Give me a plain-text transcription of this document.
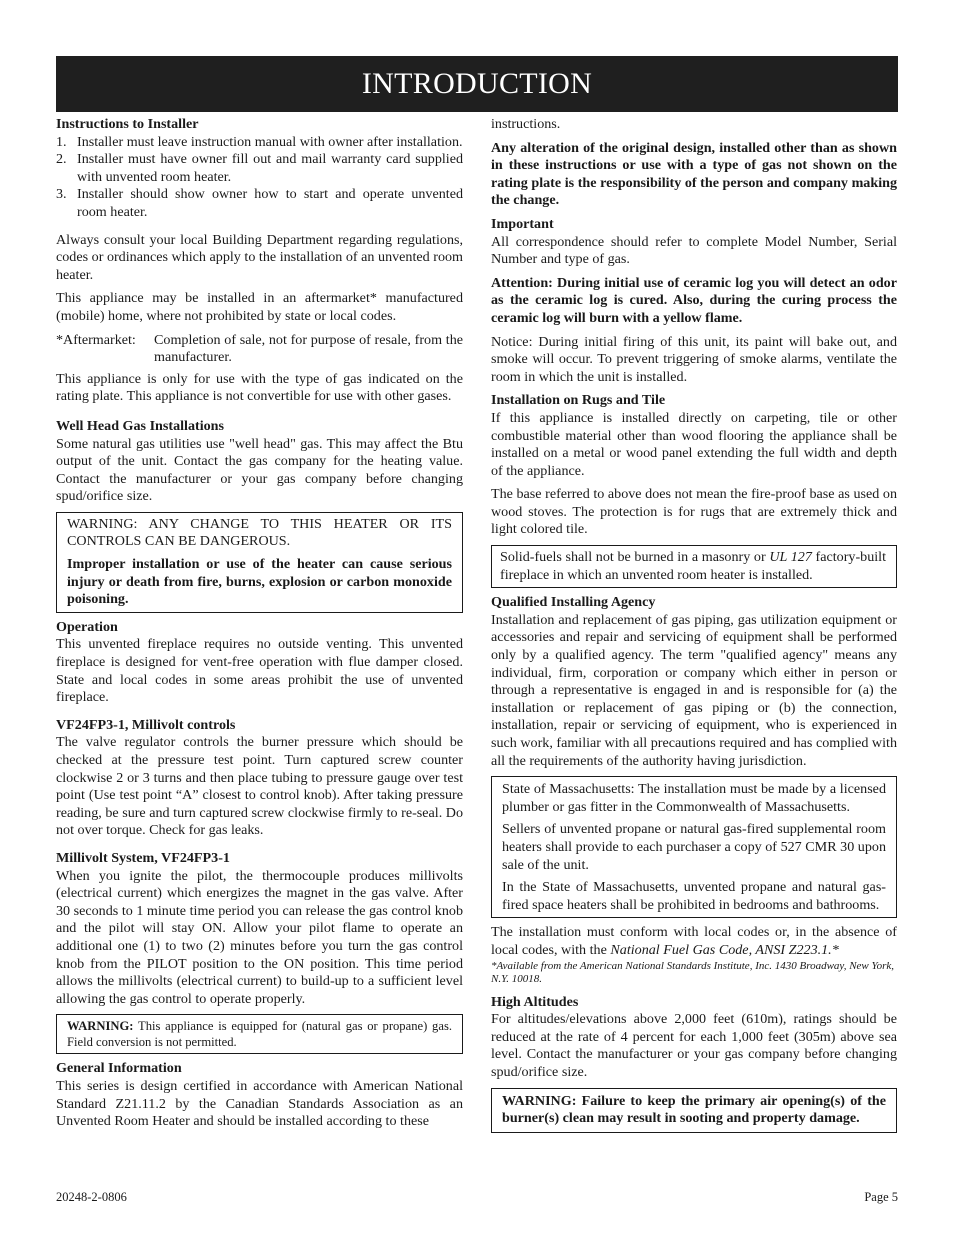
INTRODUCTION

Instructions to Installer

1. Installer must leave instruction manual with owner after installation.
2. Installer must have owner fill out and mail warranty card supplied with unvented room heater.
3. Installer should show owner how to start and operate unvented room heater.

Always consult your local Building Department regarding regulations, codes or ordinances which apply to the installation of an unvented room heater.

This appliance may be installed in an aftermarket* manufactured (mobile) home, where not prohibited by state or local codes.

*Aftermarket:	Completion of sale, not for purpose of resale, from the manufacturer.

This appliance is only for use with the type of gas indicated on the rating plate. This appliance is not convertible for use with other gases.

Well Head Gas Installations

Some natural gas utilities use "well head" gas. This may affect the Btu output of the unit. Contact the gas company for the heating value. Contact the manufacturer or your gas company before changing spud/orifice size.

WARNING: ANY CHANGE TO THIS HEATER OR ITS CONTROLS CAN BE DANGEROUS.

Improper installation or use of the heater can cause serious injury or death from fire, burns, explosion or carbon monoxide poisoning.

Operation

This unvented fireplace requires no outside venting. This unvented fireplace is designed for vent-free operation with flue damper closed. State and local codes in some areas prohibit the use of unvented fireplace.

VF24FP3-1, Millivolt controls

The valve regulator controls the burner pressure which should be checked at the pressure test point. Turn captured screw counter clockwise 2 or 3 turns and then place tubing to pressure gauge over test point (Use test point “A” closest to control knob). After taking pressure reading, be sure and turn captured screw clockwise firmly to re-seal. Do not over torque. Check for gas leaks.

Millivolt System, VF24FP3-1

When you ignite the pilot, the thermocouple produces millivolts (electrical current) which energizes the magnet in the gas valve. After 30 seconds to 1 minute time period you can release the gas control knob and the pilot will stay ON. Allow your pilot flame to operate an additional one (1) to two (2) minutes before you turn the gas control knob from the PILOT position to the ON position. This time period allows the millivolts (electrical current) to build-up to a sufficient level allowing the gas control to operate properly.

WARNING: This appliance is equipped for (natural gas or propane) gas. Field conversion is not permitted.

General Information

This series is design certified in accordance with American National Standard Z21.11.2 by the Canadian Standards Association as an Unvented Room Heater and should be installed according to these

instructions.

Any alteration of the original design, installed other than as shown in these instructions or use with a type of gas not shown on the rating plate is the responsibility of the person and company making the change.

Important

All correspondence should refer to complete Model Number, Serial Number and type of gas.

Attention: During initial use of ceramic log you will detect an odor as the ceramic log is cured. Also, during the curing process the ceramic log will burn with a yellow flame.

Notice: During initial firing of this unit, its paint will bake out, and smoke will occur. To prevent triggering of smoke alarms, ventilate the room in which the unit is installed.

Installation on Rugs and Tile

If this appliance is installed directly on carpeting, tile or other combustible material other than wood flooring the appliance shall be installed on a metal or wood panel extending the full width and depth of the appliance.

The base referred to above does not mean the fire-proof base as used on wood stoves. The protection is for rugs that are extremely thick and light colored tile.

Solid-fuels shall not be burned in a masonry or UL 127 factory-built fireplace in which an unvented room heater is installed.

Qualified Installing Agency

Installation and replacement of gas piping, gas utilization equipment or accessories and repair and servicing of equipment shall be performed only by a qualified agency. The term "qualified agency" means any individual, firm, corporation or company which either in person or through a representative is engaged in and is responsible for (a) the installation or replacement of gas piping or (b) the connection, installation, repair or servicing of equipment, who is experienced in such work, familiar with all precautions required and has complied with all the requirements of the authority having jurisdiction.

State of Massachusetts: The installation must be made by a licensed plumber or gas fitter in the Commonwealth of Massachusetts.

Sellers of unvented propane or natural gas-fired supplemental room heaters shall provide to each purchaser a copy of 527 CMR 30 upon sale of the unit.

In the State of Massachusetts, unvented propane and natural gas-fired space heaters shall be prohibited in bedrooms and bathrooms.

The installation must conform with local codes or, in the absence of local codes, with the National Fuel Gas Code, ANSI Z223.1.*

*Available from the American National Standards Institute, Inc. 1430 Broadway, New York, N.Y. 10018.

High Altitudes

For altitudes/elevations above 2,000 feet (610m), ratings should be reduced at the rate of 4 percent for each 1,000 feet (305m) above sea level. Contact the manufacturer or your gas company before changing spud/orifice size.

WARNING: Failure to keep the primary air opening(s) of the burner(s) clean may result in sooting and property damage.

20248-2-0806	Page 5
